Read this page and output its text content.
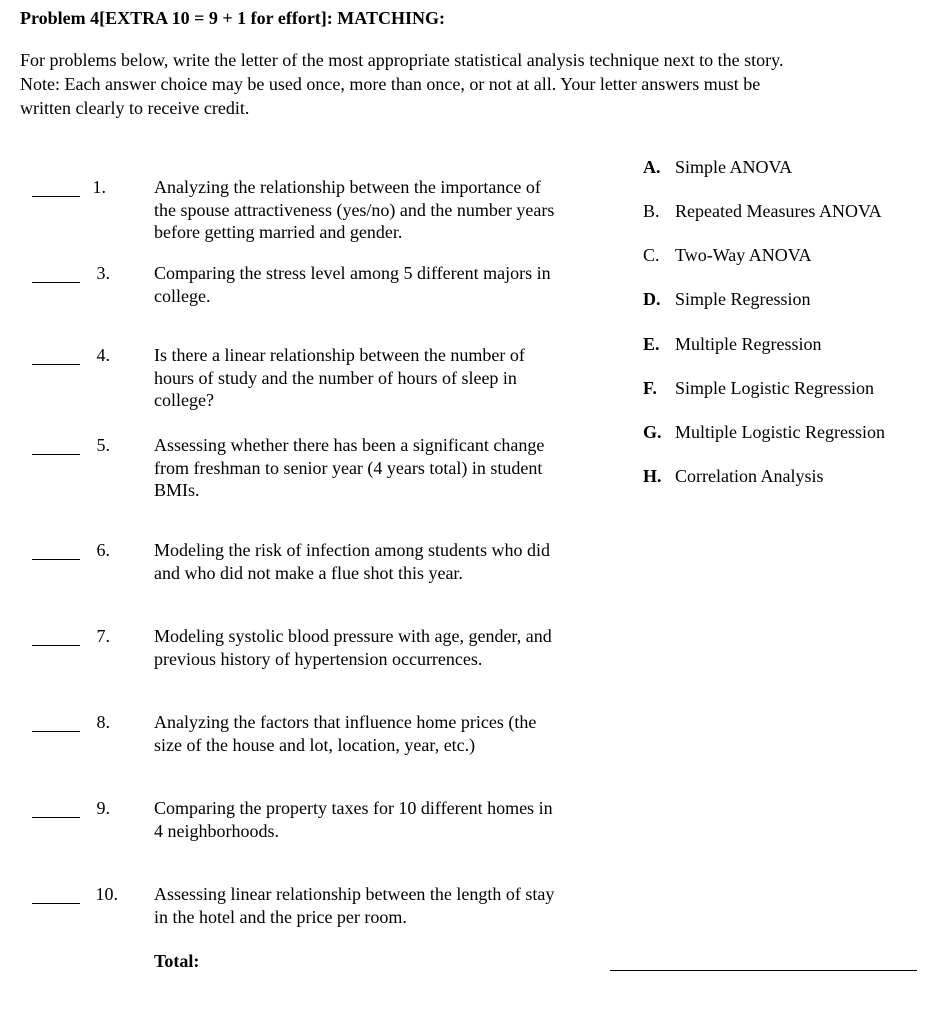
Problem 4[EXTRA 10 = 9 + 1 for effort]: MATCHING:
For problems below, write the letter of the most appropriate statistical analysis technique next to the story.
Note: Each answer choice may be used once, more than once, or not at all. Your letter answers must be
written clearly to receive credit.
1.	Analyzing the relationship between the importance of
the spouse attractiveness (yes/no) and the number years
before getting married and gender.
3. Comparing the stress level among 5 different majors in
college.
4. Is there a linear relationship between the number of
hours of study and the number of hours of sleep in
college?
5. Assessing whether there has been a significant change
from freshman to senior year (4 years total) in student
BMIs.
6. Modeling the risk of infection among students who did
and who did not make a flue shot this year.
7. Modeling systolic blood pressure with age, gender, and
previous history of hypertension occurrences.
8. Analyzing the factors that influence home prices (the
size of the house and lot, location, year, etc.)
9. Comparing the property taxes for 10 different homes in
4 neighborhoods.
10. Assessing linear relationship between the length of stay
in the hotel and the price per room.
A. Simple ANOVA
B. Repeated Measures ANOVA
C. Two-Way ANOVA
D. Simple Regression
E. Multiple Regression
F. Simple Logistic Regression
G. Multiple Logistic Regression
H. Correlation Analysis
Total:
